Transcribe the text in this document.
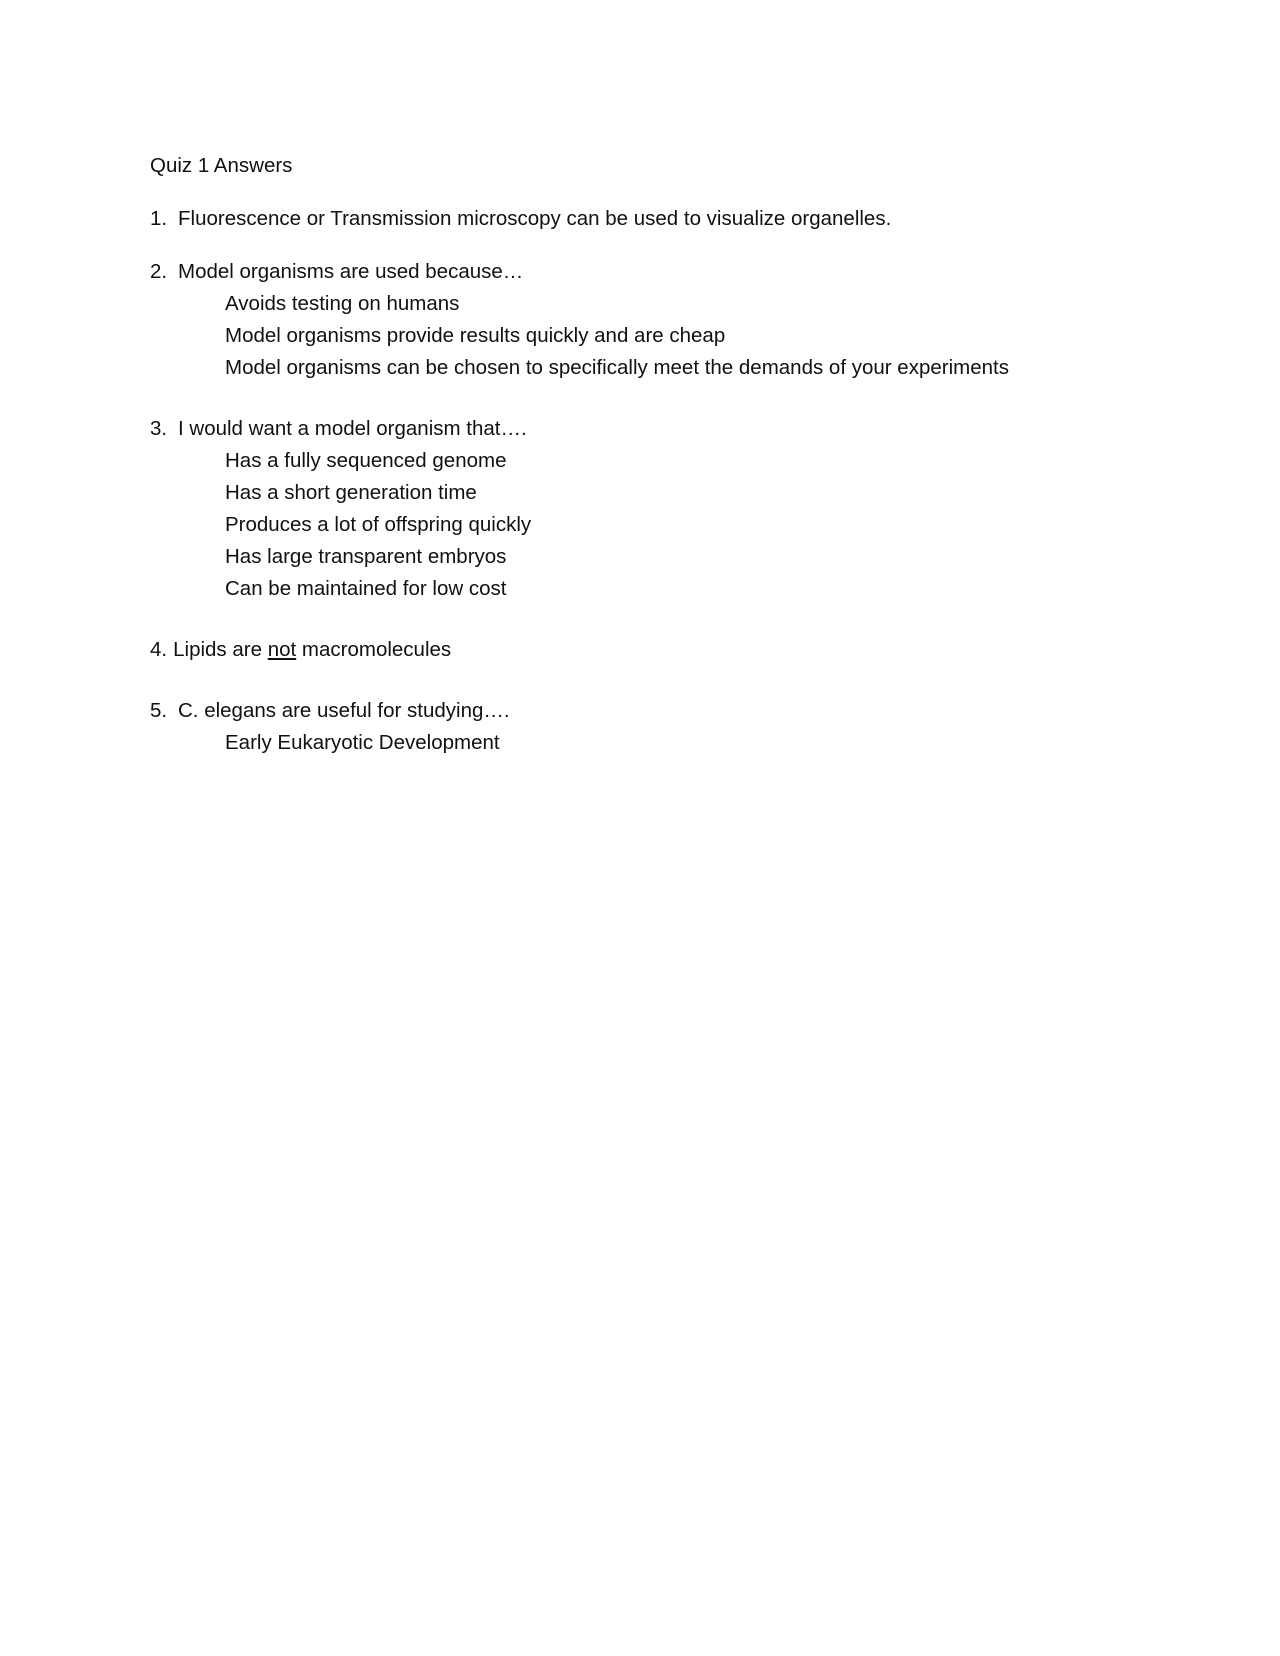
Quiz 1 Answers
1. Fluorescence or Transmission microscopy can be used to visualize organelles.
2. Model organisms are used because…
Avoids testing on humans
Model organisms provide results quickly and are cheap
Model organisms can be chosen to specifically meet the demands of your experiments
3. I would want a model organism that….
Has a fully sequenced genome
Has a short generation time
Produces a lot of offspring quickly
Has large transparent embryos
Can be maintained for low cost
4. Lipids are not macromolecules
5. C. elegans are useful for studying….
Early Eukaryotic Development
